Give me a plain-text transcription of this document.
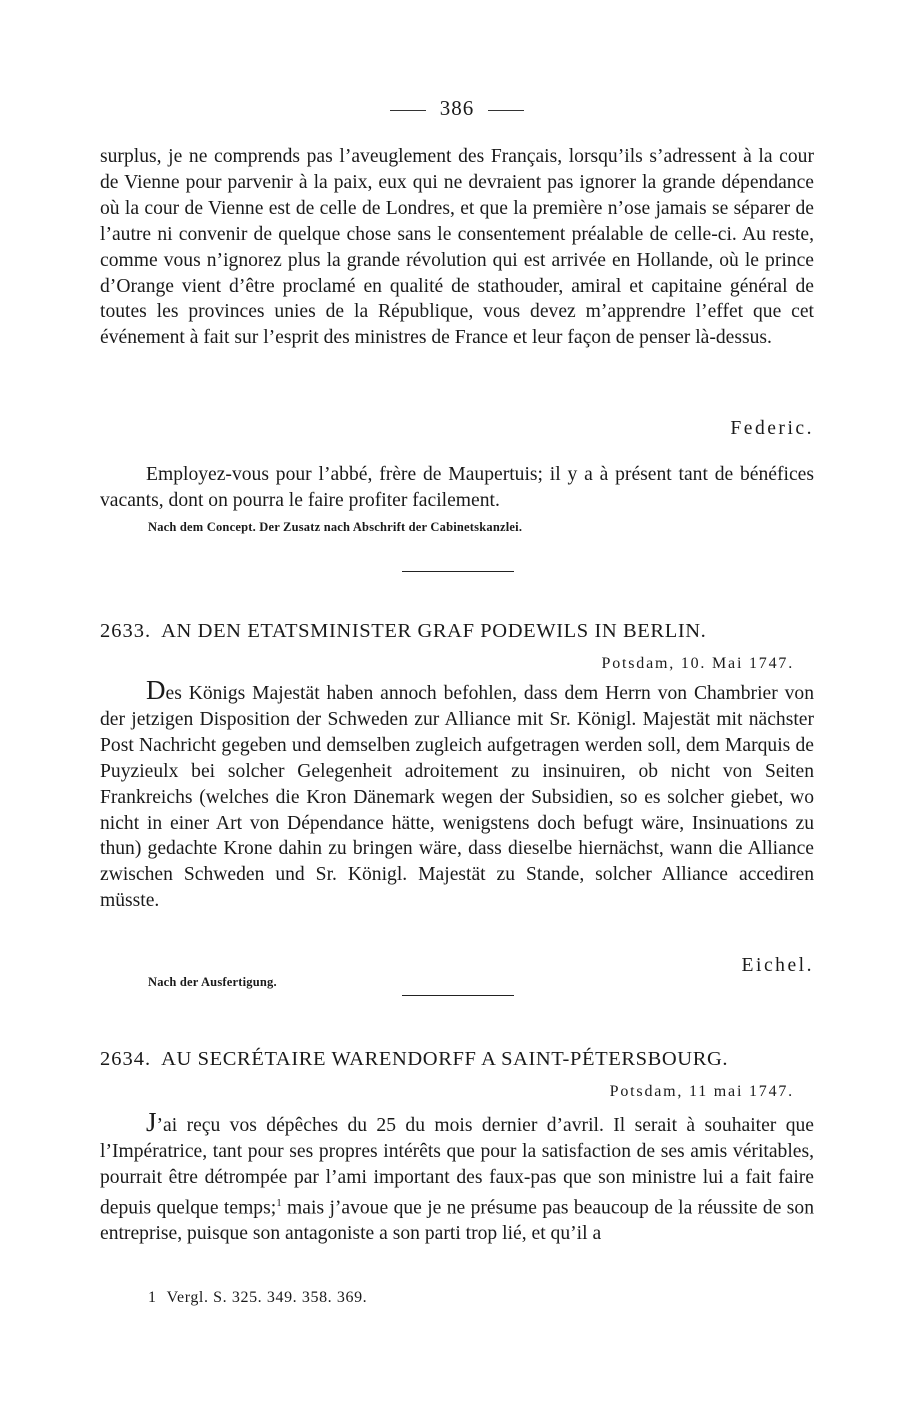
386
surplus, je ne comprends pas l’aveuglement des Français, lorsqu’ils s’adressent à la cour de Vienne pour parvenir à la paix, eux qui ne devraient pas ignorer la grande dépendance où la cour de Vienne est de celle de Londres, et que la première n’ose jamais se séparer de l’autre ni convenir de quelque chose sans le consentement préalable de celle-ci. Au reste, comme vous n’ignorez plus la grande révolution qui est arrivée en Hollande, où le prince d’Orange vient d’être proclamé en qualité de stathouder, amiral et capitaine général de toutes les provinces unies de la République, vous devez m’apprendre l’effet que cet événement à fait sur l’esprit des ministres de France et leur façon de penser là-dessus.
Federic.
Employez-vous pour l’abbé, frère de Maupertuis; il y a à présent tant de bénéfices vacants, dont on pourra le faire profiter facilement.
Nach dem Concept. Der Zusatz nach Abschrift der Cabinetskanzlei.
2633. AN DEN ETATSMINISTER GRAF PODEWILS IN BERLIN.
Potsdam, 10. Mai 1747.
Des Königs Majestät haben annoch befohlen, dass dem Herrn von Chambrier von der jetzigen Disposition der Schweden zur Alliance mit Sr. Königl. Majestät mit nächster Post Nachricht gegeben und demselben zugleich aufgetragen werden soll, dem Marquis de Puyzieulx bei solcher Gelegenheit adroitement zu insinuiren, ob nicht von Seiten Frankreichs (welches die Kron Dänemark wegen der Subsidien, so es solcher giebet, wo nicht in einer Art von Dépendance hätte, wenigstens doch befugt wäre, Insinuations zu thun) gedachte Krone dahin zu bringen wäre, dass dieselbe hiernächst, wann die Alliance zwischen Schweden und Sr. Königl. Majestät zu Stande, solcher Alliance accediren müsste.
Eichel.
Nach der Ausfertigung.
2634. AU SECRÉTAIRE WARENDORFF A SAINT-PÉTERSBOURG.
Potsdam, 11 mai 1747.
J’ai reçu vos dépêches du 25 du mois dernier d’avril. Il serait à souhaiter que l’Impératrice, tant pour ses propres intérêts que pour la satisfaction de ses amis véritables, pourrait être détrompée par l’ami important des faux-pas que son ministre lui a fait faire depuis quelque temps;$^1$ mais j’avoue que je ne présume pas beaucoup de la réussite de son entreprise, puisque son antagoniste a son parti trop lié, et qu’il a
1 Vergl. S. 325. 349. 358. 369.
